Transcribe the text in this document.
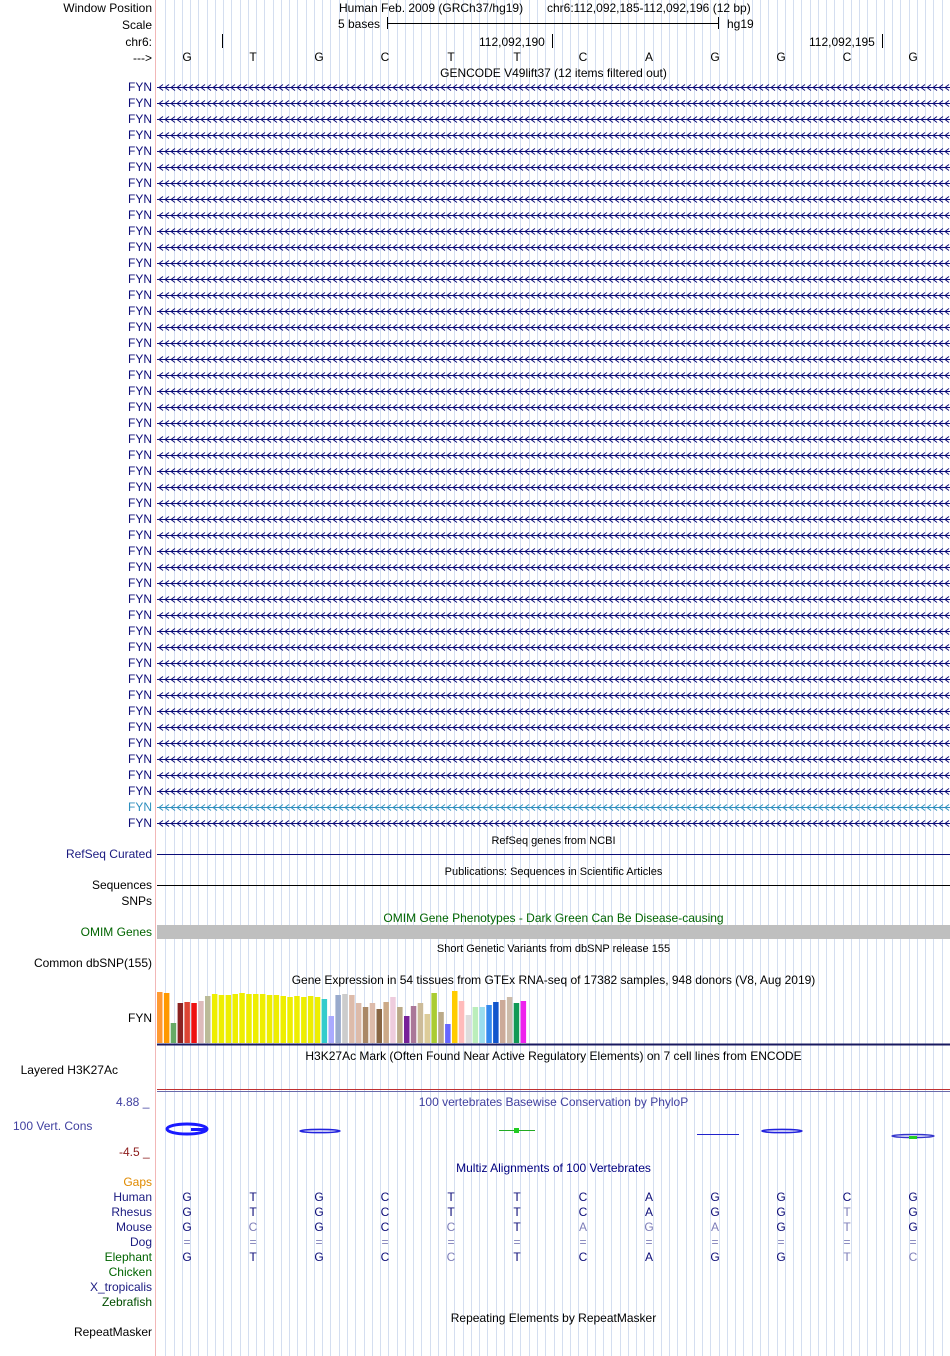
Window Position	Human Feb. 2009 (GRCh37/hg19) chr6:112,092,185-112,092,196 (12 bp)
Scale	5 bases	hg19
chr6:	112,092,190	112,092,195
--->	G	T	G	C	T	T	C	A	G	G	C	G
GENCODE V49lift37 (12 items filtered out)
FYN
FYN
FYN
FYN
FYN
FYN
FYN
FYN
FYN
FYN
FYN
FYN
FYN
FYN
FYN
FYN
FYN
FYN
FYN
FYN
FYN
FYN
FYN
FYN
FYN
FYN
FYN
FYN
FYN
FYN
FYN
FYN
FYN
FYN
FYN
FYN
FYN
FYN
FYN
FYN
FYN
FYN
FYN
FYN
FYN
FYN
FYN
RefSeq genes from NCBI
RefSeq Curated
Publications: Sequences in Scientific Articles
Sequences
SNPs
OMIM Gene Phenotypes - Dark Green Can Be Disease-causing
OMIM Genes
Short Genetic Variants from dbSNP release 155
Common dbSNP(155)
Gene Expression in 54 tissues from GTEx RNA-seq of 17382 samples, 948 donors (V8, Aug 2019)
FYN
H3K27Ac Mark (Often Found Near Active Regulatory Elements) on 7 cell lines from ENCODE
Layered H3K27Ac
100 vertebrates Basewise Conservation by PhyloP
4.88 _
100 Vert. Cons
-4.5 _
Multiz Alignments of 100 Vertebrates
Gaps
Human	G	T	G	C	T	T	C	A	G	G	C	G
Rhesus	G	T	G	C	T	T	C	A	G	G	T	G
Mouse	G	C	G	C	C	T	A	G	A	G	T	G
Dog	=	=	=	=	=	=	=	=	=	=	=	=
Elephant	G	T	G	C	C	T	C	A	G	G	T	C
Chicken
X_tropicalis
Zebrafish
Repeating Elements by RepeatMasker
RepeatMasker
